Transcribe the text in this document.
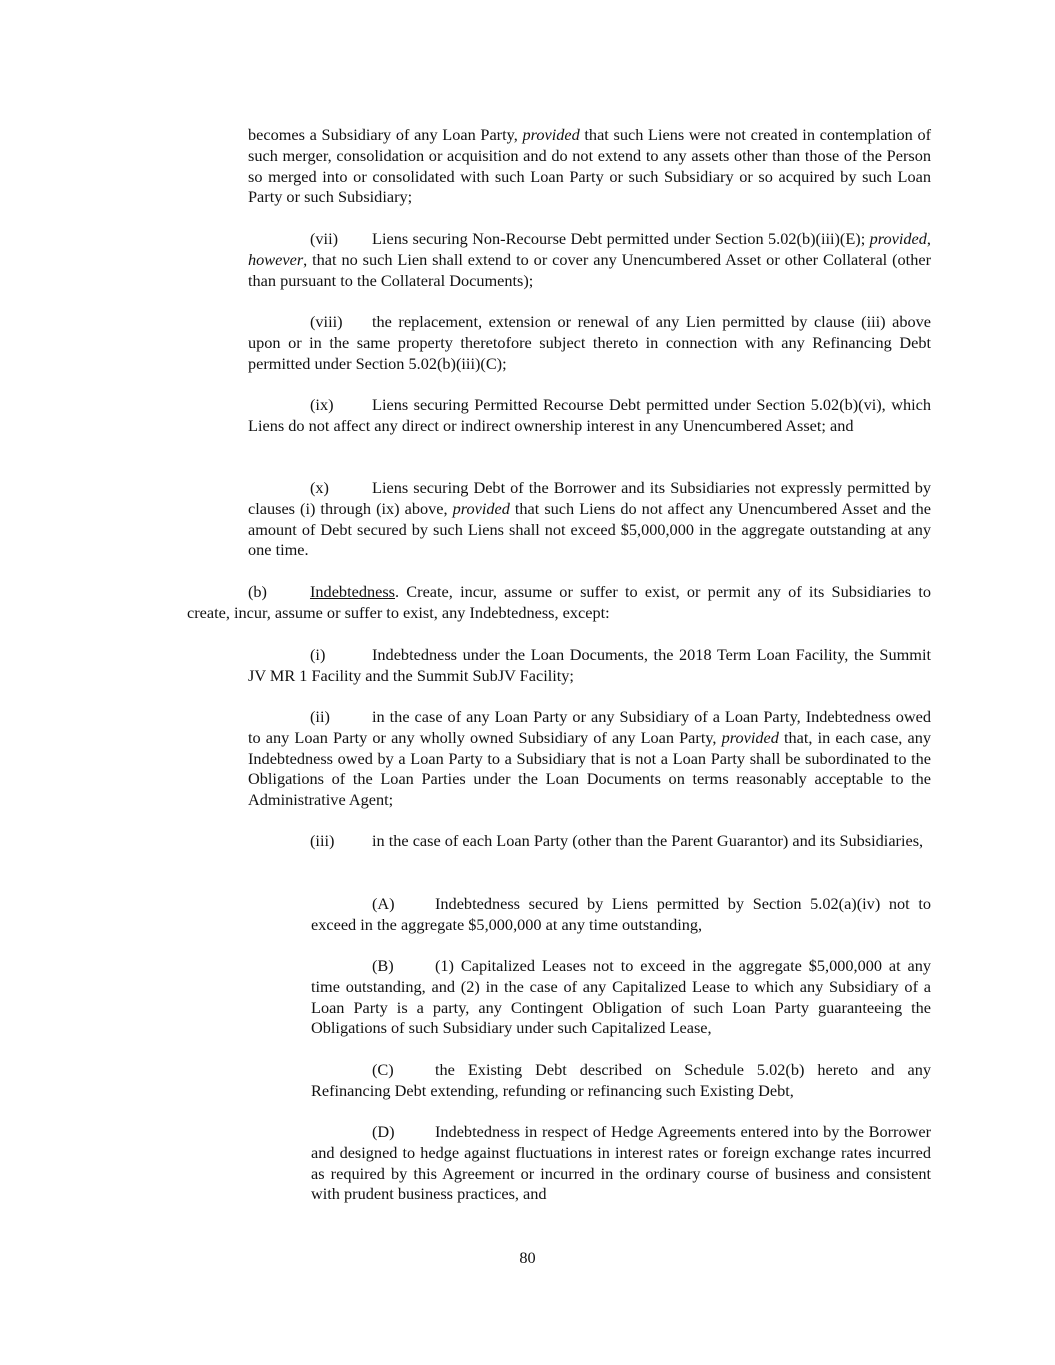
becomes a Subsidiary of any Loan Party, provided that such Liens were not created in contemplation of such merger, consolidation or acquisition and do not extend to any assets other than those of the Person so merged into or consolidated with such Loan Party or such Subsidiary or so acquired by such Loan Party or such Subsidiary;

(vii) Liens securing Non-Recourse Debt permitted under Section 5.02(b)(iii)(E); provided, however, that no such Lien shall extend to or cover any Unencumbered Asset or other Collateral (other than pursuant to the Collateral Documents);

(viii) the replacement, extension or renewal of any Lien permitted by clause (iii) above upon or in the same property theretofore subject thereto in connection with any Refinancing Debt permitted under Section 5.02(b)(iii)(C);

(ix) Liens securing Permitted Recourse Debt permitted under Section 5.02(b)(vi), which Liens do not affect any direct or indirect ownership interest in any Unencumbered Asset; and

(x)	Liens securing Debt of the Borrower and its Subsidiaries not expressly permitted by clauses (i) through (ix) above, provided that such Liens do not affect any Unencumbered Asset and the amount of Debt secured by such Liens shall not exceed $5,000,000 in the aggregate outstanding at any one time.

(b)	Indebtedness. Create, incur, assume or suffer to exist, or permit any of its Subsidiaries to create, incur, assume or suffer to exist, any Indebtedness, except:

(i)	Indebtedness under the Loan Documents, the 2018 Term Loan Facility, the Summit JV MR 1 Facility and the Summit SubJV Facility;

(ii)	in the case of any Loan Party or any Subsidiary of a Loan Party, Indebtedness owed to any Loan Party or any wholly owned Subsidiary of any Loan Party, provided that, in each case, any Indebtedness owed by a Loan Party to a Subsidiary that is not a Loan Party shall be subordinated to the Obligations of the Loan Parties under the Loan Documents on terms reasonably acceptable to the Administrative Agent;

(iii) in the case of each Loan Party (other than the Parent Guarantor) and its Subsidiaries,

(A) Indebtedness secured by Liens permitted by Section 5.02(a)(iv) not to exceed in the aggregate $5,000,000 at any time outstanding,

(B)	(1) Capitalized Leases not to exceed in the aggregate $5,000,000 at any time outstanding, and (2) in the case of any Capitalized Lease to which any Subsidiary of a Loan Party is a party, any Contingent Obligation of such Loan Party guaranteeing the Obligations of such Subsidiary under such Capitalized Lease,

(C)	the Existing Debt described on Schedule 5.02(b) hereto and any Refinancing Debt extending, refunding or refinancing such Existing Debt,

(D) Indebtedness in respect of Hedge Agreements entered into by the Borrower and designed to hedge against fluctuations in interest rates or foreign exchange rates incurred as required by this Agreement or incurred in the ordinary course of business and consistent with prudent business practices, and

80
